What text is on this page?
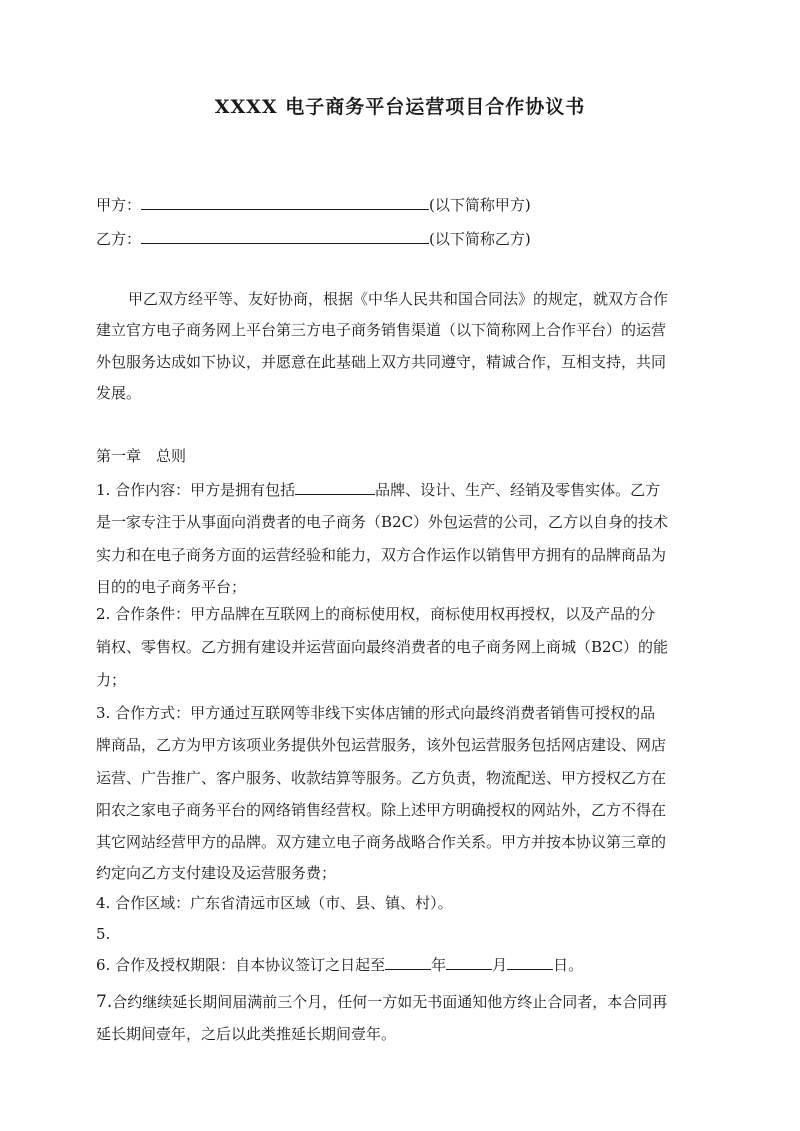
XXXX 电子商务平台运营项目合作协议书
甲方：	(以下简称甲方)
乙方：	(以下简称乙方)
甲乙双方经平等、友好协商，根据《中华人民共和国合同法》的规定，就双方合作
建立官方电子商务网上平台第三方电子商务销售渠道（以下简称网上合作平台）的运营
外包服务达成如下协议，并愿意在此基础上双方共同遵守，精诚合作，互相支持，共同
发展。
第一章　总则
1. 合作内容：甲方是拥有包括	品牌、设计、生产、经销及零售实体。乙方
是一家专注于从事面向消费者的电子商务（B2C）外包运营的公司，乙方以自身的技术
实力和在电子商务方面的运营经验和能力，双方合作运作以销售甲方拥有的品牌商品为
目的的电子商务平台；
2. 合作条件：甲方品牌在互联网上的商标使用权，商标使用权再授权，以及产品的分
销权、零售权。乙方拥有建设并运营面向最终消费者的电子商务网上商城（B2C）的能
力；
3. 合作方式：甲方通过互联网等非线下实体店铺的形式向最终消费者销售可授权的品
牌商品，乙方为甲方该项业务提供外包运营服务，该外包运营服务包括网店建设、网店
运营、广告推广、客户服务、收款结算等服务。乙方负责，物流配送、甲方授权乙方在
阳农之家电子商务平台的网络销售经营权。除上述甲方明确授权的网站外，乙方不得在
其它网站经营甲方的品牌。双方建立电子商务战略合作关系。甲方并按本协议第三章的
约定向乙方支付建设及运营服务费；
4. 合作区域：广东省清远市区域（市、县、镇、村）。
5.
6. 合作及授权期限：自本协议签订之日起至	年	月	日。
7.合约继续延长期间届满前三个月，任何一方如无书面通知他方终止合同者，本合同再
延长期间壹年，之后以此类推延长期间壹年。
